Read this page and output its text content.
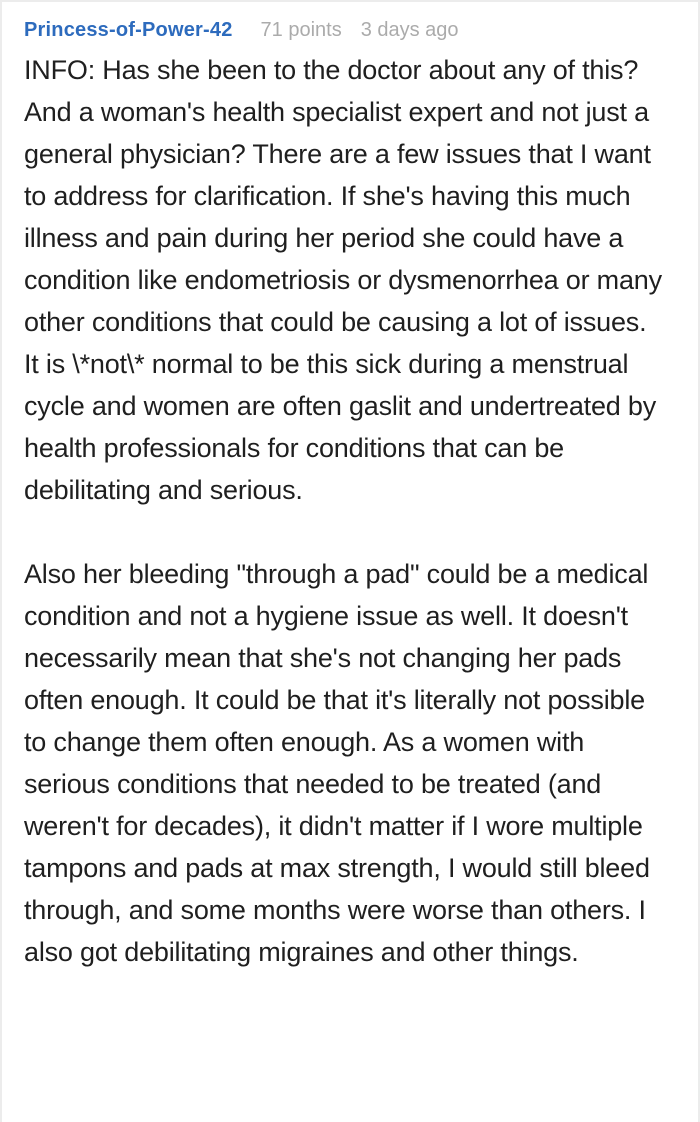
Princess-of-Power-42 71 points 3 days ago

INFO: Has she been to the doctor about any of this? And a woman's health specialist expert and not just a general physician? There are a few issues that I want to address for clarification. If she's having this much illness and pain during her period she could have a condition like endometriosis or dysmenorrhea or many other conditions that could be causing a lot of issues. It is \*not\* normal to be this sick during a menstrual cycle and women are often gaslit and undertreated by health professionals for conditions that can be debilitating and serious.

Also her bleeding "through a pad" could be a medical condition and not a hygiene issue as well. It doesn't necessarily mean that she's not changing her pads often enough. It could be that it's literally not possible to change them often enough. As a women with serious conditions that needed to be treated (and weren't for decades), it didn't matter if I wore multiple tampons and pads at max strength, I would still bleed through, and some months were worse than others. I also got debilitating migraines and other things.
